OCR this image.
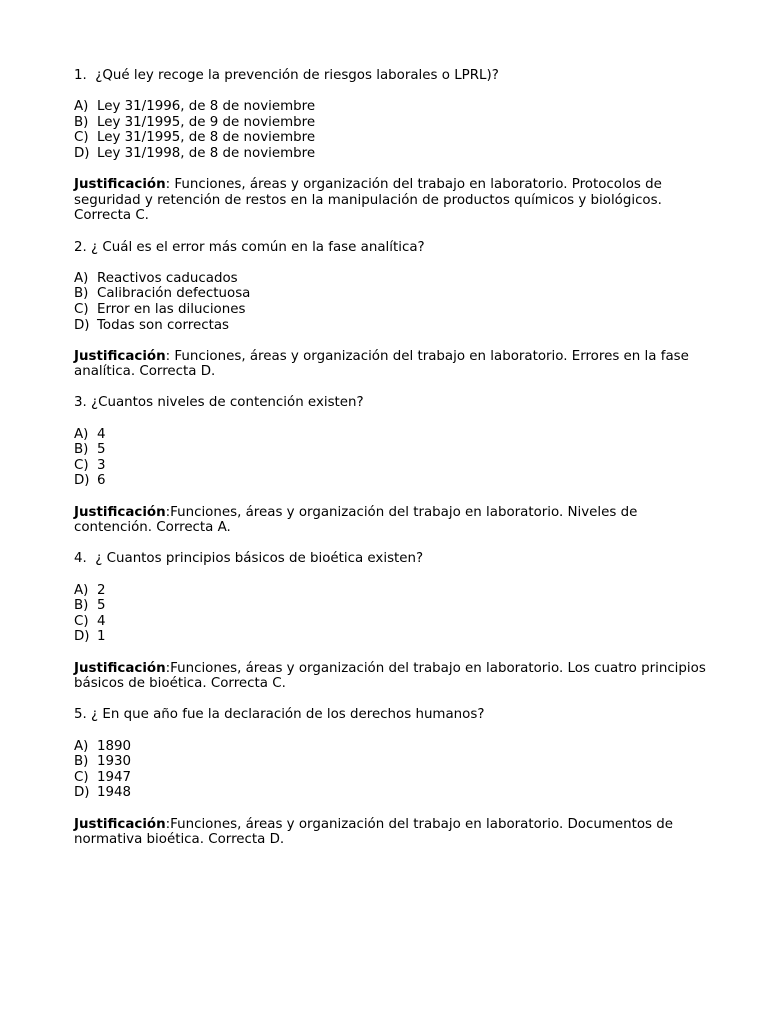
1.  ¿Qué ley recoge la prevención de riesgos laborales o LPRL)?

A) Ley 31/1996, de 8 de noviembre
B) Ley 31/1995, de 9 de noviembre
C) Ley 31/1995, de 8 de noviembre
D) Ley 31/1998, de 8 de noviembre

Justificación: Funciones, áreas y organización del trabajo en laboratorio. Protocolos de seguridad y retención de restos en la manipulación de productos químicos y biológicos. Correcta C.

2. ¿ Cuál es el error más común en la fase analítica?

A) Reactivos caducados
B) Calibración defectuosa
C) Error en las diluciones
D) Todas son correctas

Justificación: Funciones, áreas y organización del trabajo en laboratorio. Errores en la fase analítica. Correcta D.

3. ¿Cuantos niveles de contención existen?

A) 4
B) 5
C) 3
D) 6

Justificación:Funciones, áreas y organización del trabajo en laboratorio. Niveles de contención. Correcta A.

4.  ¿ Cuantos principios básicos de bioética existen?

A) 2
B) 5
C) 4
D) 1

Justificación:Funciones, áreas y organización del trabajo en laboratorio. Los cuatro principios básicos de bioética. Correcta C.

5. ¿ En que año fue la declaración de los derechos humanos?

A) 1890
B) 1930
C) 1947
D) 1948

Justificación:Funciones, áreas y organización del trabajo en laboratorio. Documentos de normativa bioética. Correcta D.
